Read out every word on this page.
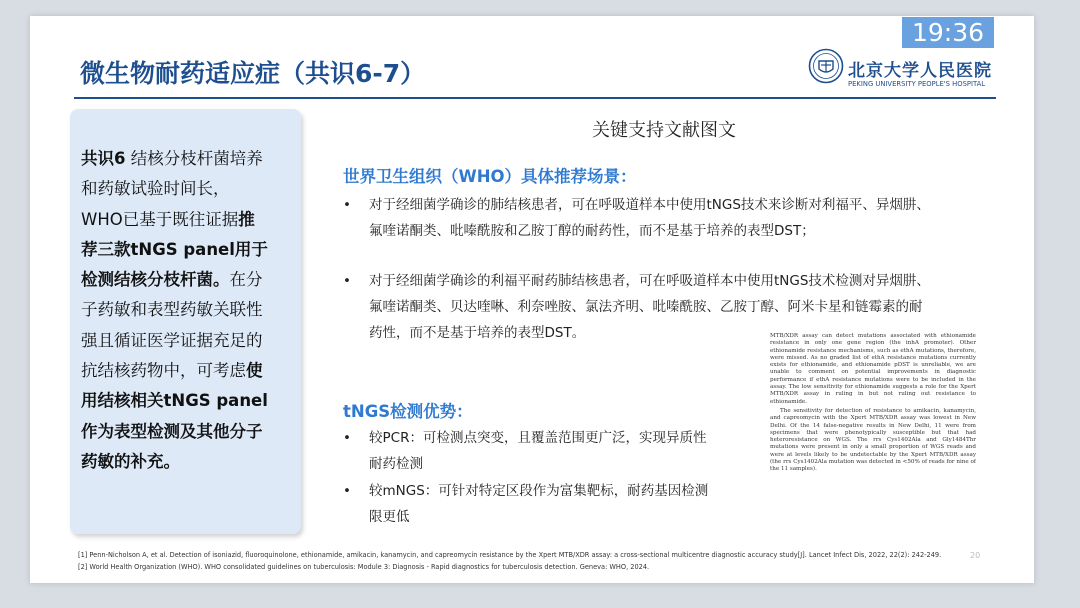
19:36
微生物耐药适应症（共识6-7）	北京大学人民医院
PEKING UNIVERSITY PEOPLE'S HOSPITAL
共识6 结核分枝杆菌培养
和药敏试验时间长，
WHO已基于既往证据推
荐三款tNGS panel用于
检测结核分枝杆菌。在分
子药敏和表型药敏关联性
强且循证医学证据充足的
抗结核药物中，可考虑使
用结核相关tNGS panel
作为表型检测及其他分子
药敏的补充。
关键支持文献图文
世界卫生组织（WHO）具体推荐场景：
• 对于经细菌学确诊的肺结核患者，可在呼吸道样本中使用tNGS技术来诊断对利福平、异烟肼、
氟喹诺酮类、吡嗪酰胺和乙胺丁醇的耐药性，而不是基于培养的表型DST；
• 对于经细菌学确诊的利福平耐药肺结核患者，可在呼吸道样本中使用tNGS技术检测对异烟肼、
氟喹诺酮类、贝达喹啉、利奈唑胺、氯法齐明、吡嗪酰胺、乙胺丁醇、阿米卡星和链霉素的耐
药性，而不是基于培养的表型DST。
tNGS检测优势：
• 较PCR：可检测点突变，且覆盖范围更广泛，实现异质性
耐药检测
• 较mNGS：可针对特定区段作为富集靶标，耐药基因检测
限更低

MTB/XDR assay can detect mutations associated with ethionamide resistance in only one gene region (the inhA promoter). Other ethionamide resistance mechanisms, such as ethA mutations, therefore, were missed. As no graded list of ethA resistance mutations currently exists for ethionamide, and ethionamide pDST is unreliable, we are unable to comment on potential improvements in diagnostic performance if ethA resistance mutations were to be included in the assay. The low sensitivity for ethionamide suggests a role for the Xpert MTB/XDR assay in ruling in but not ruling out resistance to ethionamide.

The sensitivity for detection of resistance to amikacin, kanamycin, and capreomycin with the Xpert MTB/XDR assay was lowest in New Delhi. Of the 14 false-negative results in New Delhi, 11 were from specimens that were phenotypically susceptible but that had heteroresistance on WGS. The rrs Cys1402Ala and Gly1484Thr mutations were present in only a small proportion of WGS reads and were at levels likely to be undetectable by the Xpert MTB/XDR assay (the rrs Cys1402Ala mutation was detected in <50% of reads for nine of the 11 samples).

[1] Penn-Nicholson A, et al. Detection of isoniazid, fluoroquinolone, ethionamide, amikacin, kanamycin, and capreomycin resistance by the Xpert MTB/XDR assay: a cross-sectional multicentre diagnostic accuracy study[J]. Lancet Infect Dis, 2022, 22(2): 242-249.
[2] World Health Organization (WHO). WHO consolidated guidelines on tuberculosis: Module 3: Diagnosis - Rapid diagnostics for tuberculosis detection. Geneva: WHO, 2024.
20
